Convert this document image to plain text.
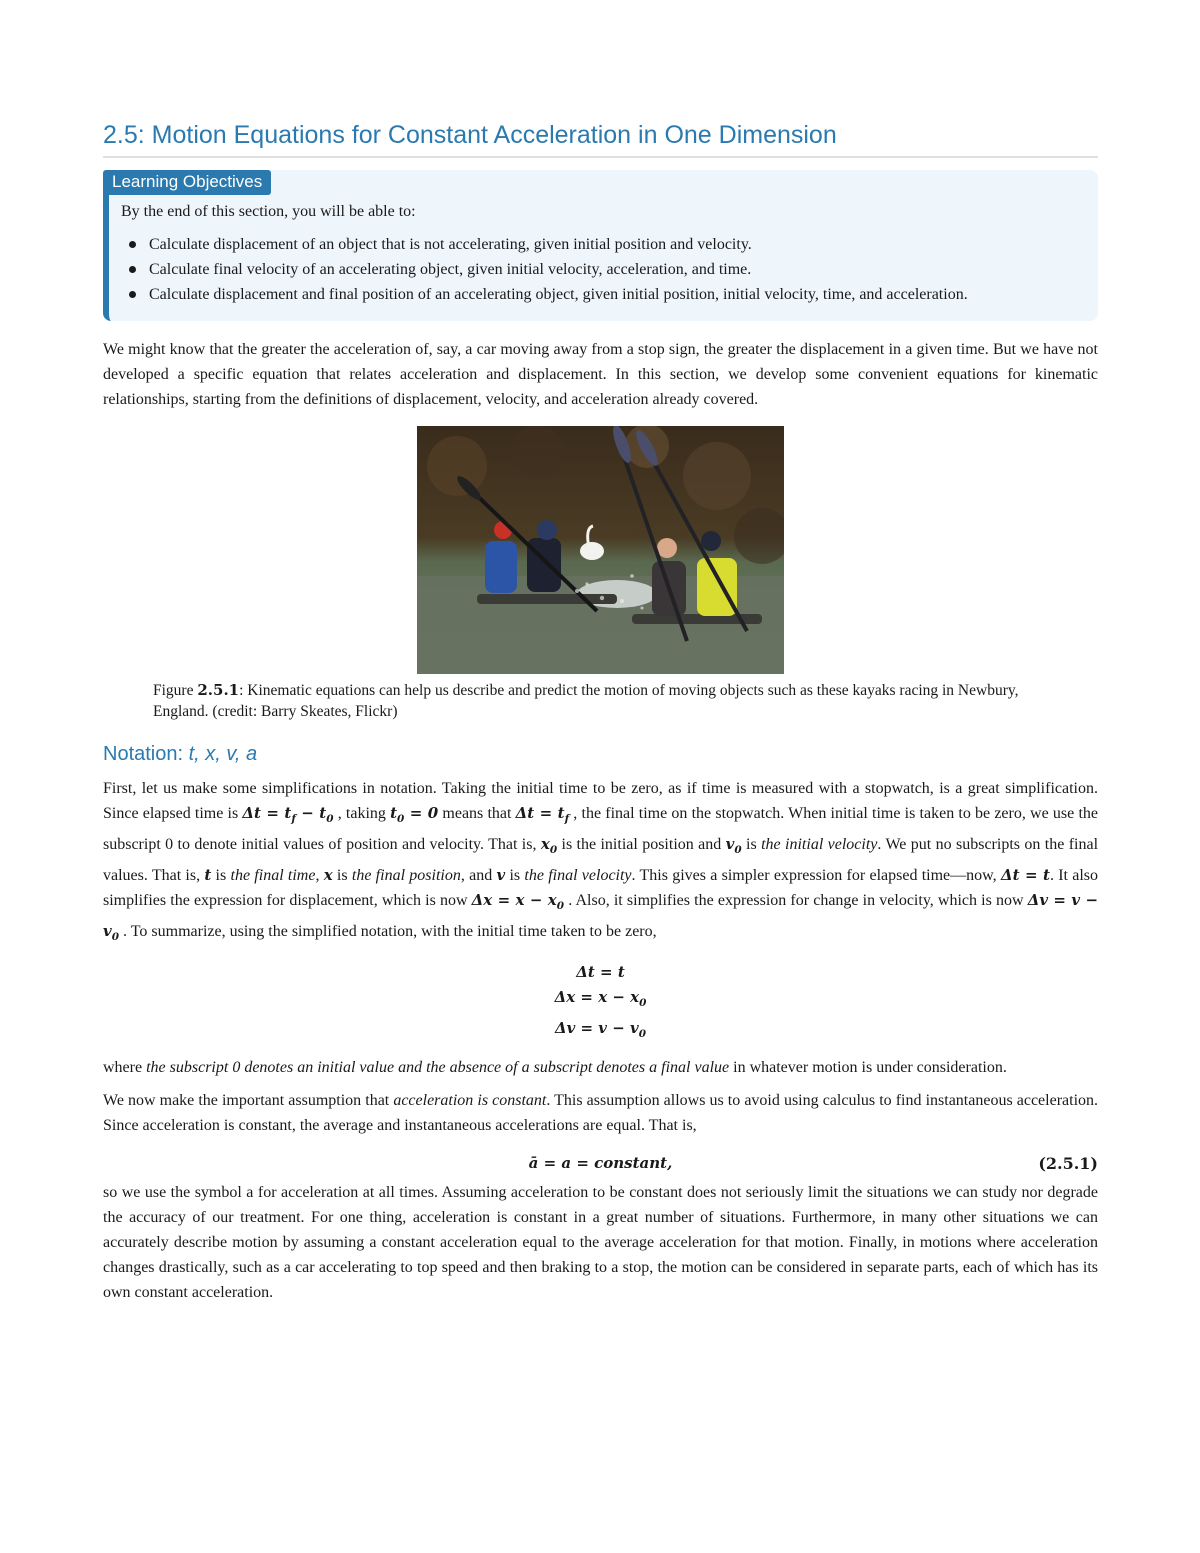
2.5: Motion Equations for Constant Acceleration in One Dimension
Learning Objectives

By the end of this section, you will be able to:

Calculate displacement of an object that is not accelerating, given initial position and velocity.
Calculate final velocity of an accelerating object, given initial velocity, acceleration, and time.
Calculate displacement and final position of an accelerating object, given initial position, initial velocity, time, and acceleration.

We might know that the greater the acceleration of, say, a car moving away from a stop sign, the greater the displacement in a given time. But we have not developed a specific equation that relates acceleration and displacement. In this section, we develop some convenient equations for kinematic relationships, starting from the definitions of displacement, velocity, and acceleration already covered.

Figure 2.5.1: Kinematic equations can help us describe and predict the motion of moving objects such as these kayaks racing in Newbury, England. (credit: Barry Skeates, Flickr)
Notation: t, x, v, a

First, let us make some simplifications in notation. Taking the initial time to be zero, as if time is measured with a stopwatch, is a great simplification. Since elapsed time is $\Delta t = t_f - t_0$ , taking $t_0 = 0$ means that $\Delta t = t_f$ , the final time on the stopwatch. When initial time is taken to be zero, we use the subscript 0 to denote initial values of position and velocity. That is, $x_0$ is the initial position and $v_0$ is the initial velocity. We put no subscripts on the final values. That is, t is the final time, x is the final position, and v is the final velocity. This gives a simpler expression for elapsed time—now, Δt = t. It also simplifies the expression for displacement, which is now $\Delta x = x - x_0$ . Also, it simplifies the expression for change in velocity, which is now $\Delta v = v - v_0$ . To summarize, using the simplified notation, with the initial time taken to be zero,

Δt = t
$\Delta x = x - x_0$
$\Delta v = v - v_0$

where the subscript 0 denotes an initial value and the absence of a subscript denotes a final value in whatever motion is under consideration.

We now make the important assumption that acceleration is constant. This assumption allows us to avoid using calculus to find instantaneous acceleration. Since acceleration is constant, the average and instantaneous accelerations are equal. That is,

ā = a = constant,	(2.5.1)

so we use the symbol a for acceleration at all times. Assuming acceleration to be constant does not seriously limit the situations we can study nor degrade the accuracy of our treatment. For one thing, acceleration is constant in a great number of situations. Furthermore, in many other situations we can accurately describe motion by assuming a constant acceleration equal to the average acceleration for that motion. Finally, in motions where acceleration changes drastically, such as a car accelerating to top speed and then braking to a stop, the motion can be considered in separate parts, each of which has its own constant acceleration.
